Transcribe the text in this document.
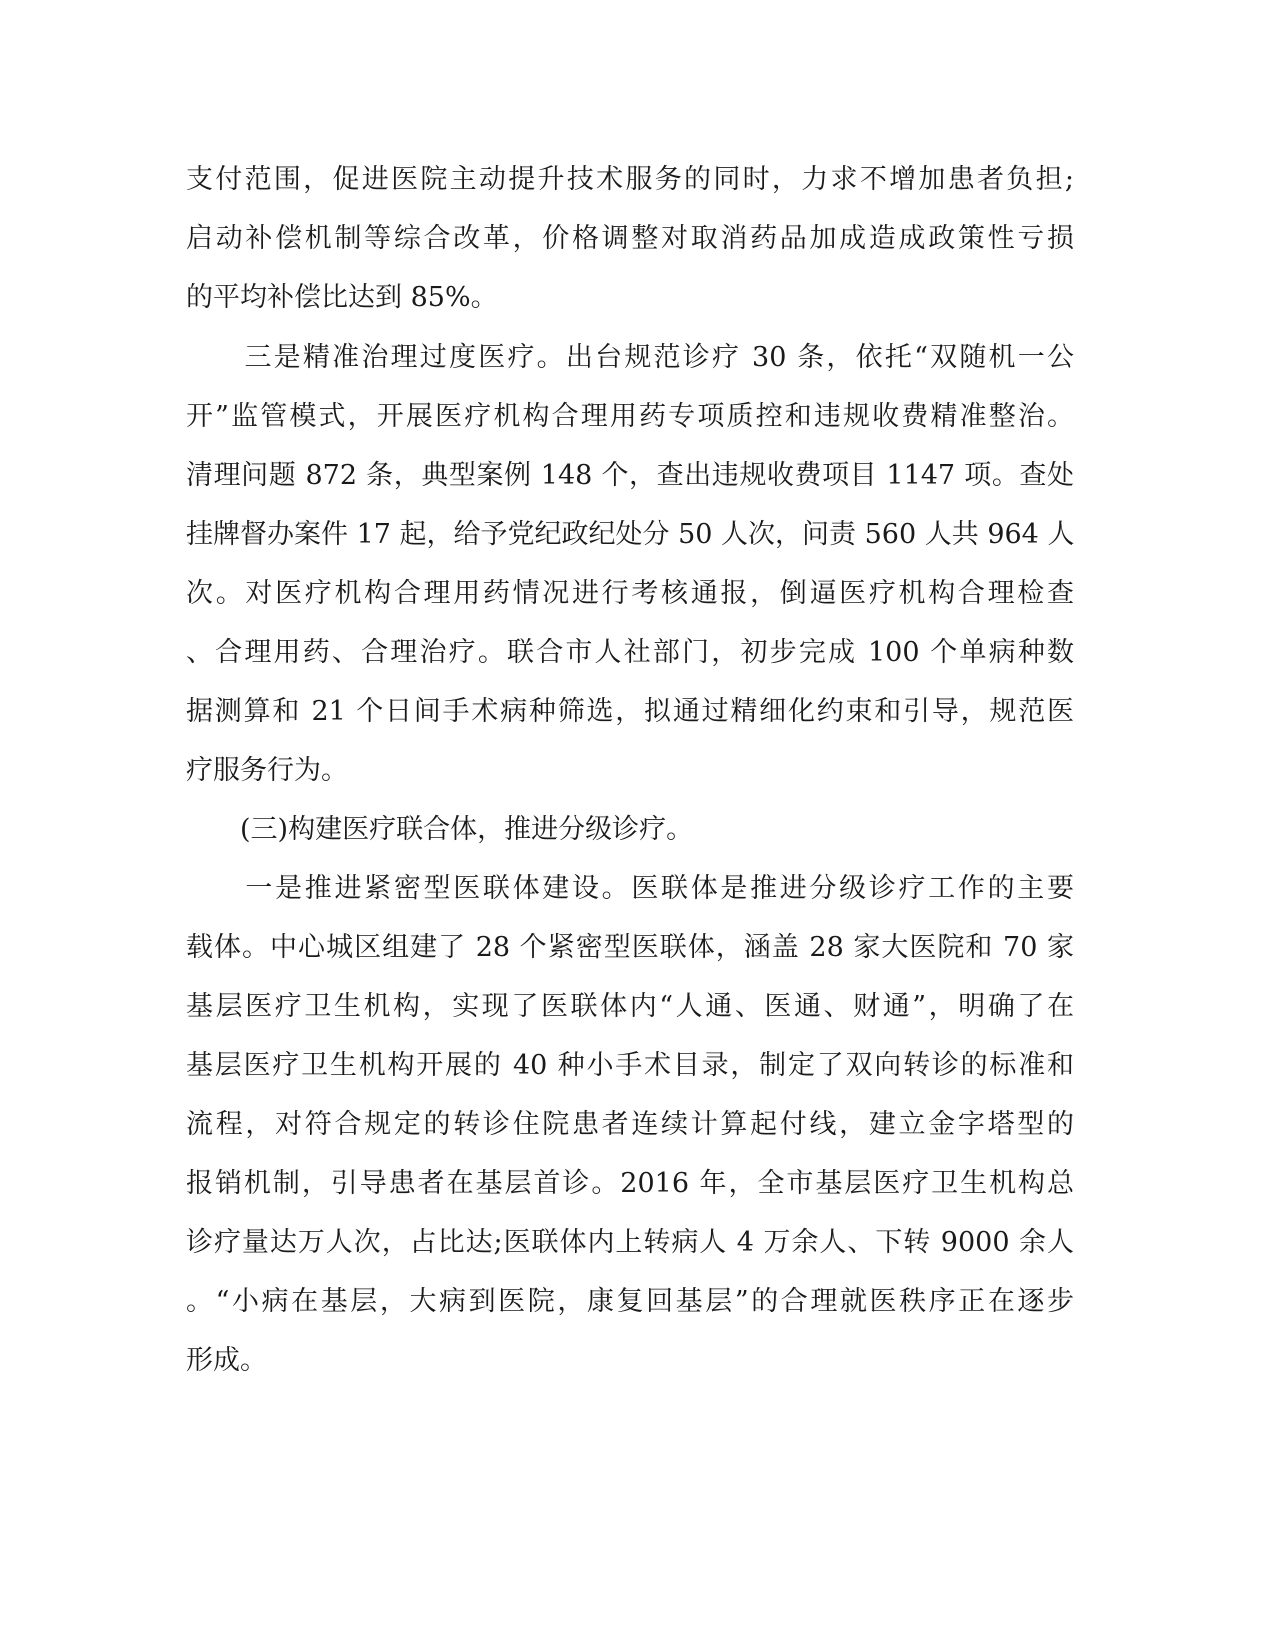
支付范围，促进医院主动提升技术服务的同时，力求不增加患者负担;
启动补偿机制等综合改革，价格调整对取消药品加成造成政策性亏损
的平均补偿比达到 85%。
　　三是精准治理过度医疗。出台规范诊疗 30 条，依托“双随机一公
开”监管模式，开展医疗机构合理用药专项质控和违规收费精准整治。
清理问题 872 条，典型案例 148 个，查出违规收费项目 1147 项。查处
挂牌督办案件 17 起，给予党纪政纪处分 50 人次，问责 560 人共 964 人
次。对医疗机构合理用药情况进行考核通报，倒逼医疗机构合理检查
、合理用药、合理治疗。联合市人社部门，初步完成 100 个单病种数
据测算和 21 个日间手术病种筛选，拟通过精细化约束和引导，规范医
疗服务行为。
　　(三)构建医疗联合体，推进分级诊疗。
　　一是推进紧密型医联体建设。医联体是推进分级诊疗工作的主要
载体。中心城区组建了 28 个紧密型医联体，涵盖 28 家大医院和 70 家
基层医疗卫生机构，实现了医联体内“人通、医通、财通”，明确了在
基层医疗卫生机构开展的 40 种小手术目录，制定了双向转诊的标准和
流程，对符合规定的转诊住院患者连续计算起付线，建立金字塔型的
报销机制，引导患者在基层首诊。2016 年，全市基层医疗卫生机构总
诊疗量达万人次，占比达;医联体内上转病人 4 万余人、下转 9000 余人
。“小病在基层，大病到医院，康复回基层”的合理就医秩序正在逐步
形成。
